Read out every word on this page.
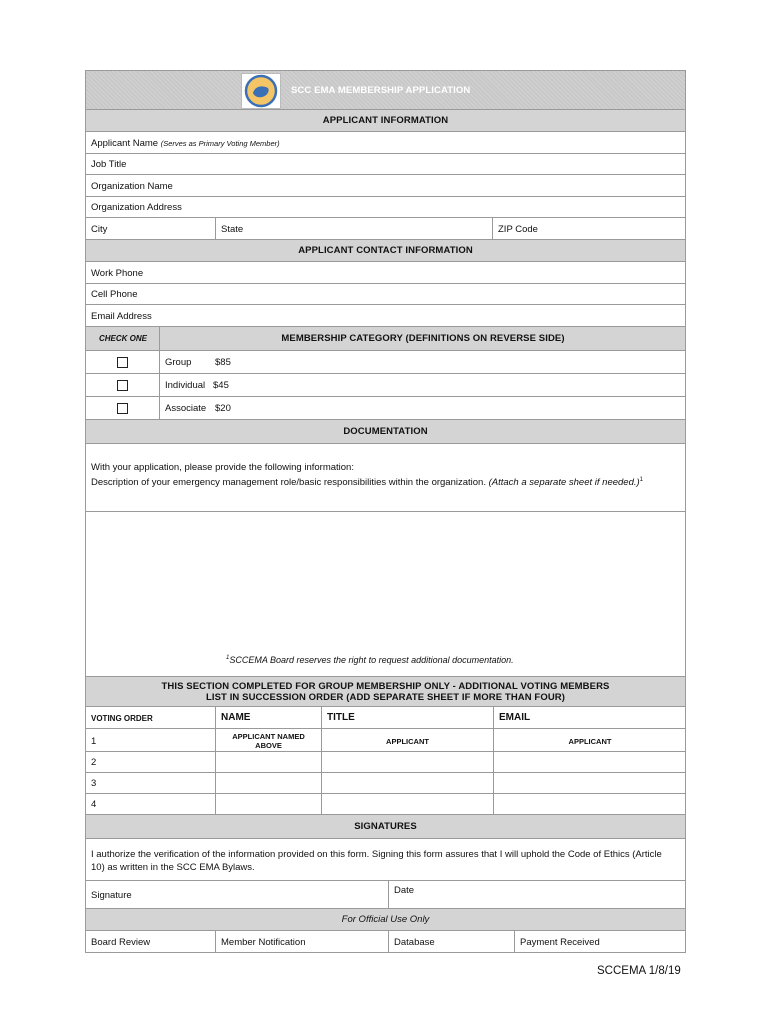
SCC EMA MEMBERSHIP APPLICATION
APPLICANT INFORMATION
Applicant Name (Serves as Primary Voting Member)
Job Title
Organization Name
Organization Address
City	State	ZIP Code
APPLICANT CONTACT INFORMATION
Work Phone
Cell Phone
Email Address
CHECK ONE	MEMBERSHIP CATEGORY (DEFINITIONS ON REVERSE SIDE)
Group $85
Individual $45
Associate $20
DOCUMENTATION
With your application, please provide the following information:
Description of your emergency management role/basic responsibilities within the organization. (Attach a separate sheet if needed.)$^1$
$^1$SCCEMA Board reserves the right to request additional documentation.
THIS SECTION COMPLETED FOR GROUP MEMBERSHIP ONLY - ADDITIONAL VOTING MEMBERS
LIST IN SUCCESSION ORDER (ADD SEPARATE SHEET IF MORE THAN FOUR)
VOTING ORDER	NAME	TITLE	EMAIL
1	APPLICANT NAMED ABOVE	APPLICANT	APPLICANT
2
3
4
SIGNATURES
I authorize the verification of the information provided on this form. Signing this form assures that I will uphold the Code of Ethics (Article 10) as written in the SCC EMA Bylaws.
Signature	Date
For Official Use Only
Board Review	Member Notification	Database	Payment Received
SCCEMA 1/8/19
